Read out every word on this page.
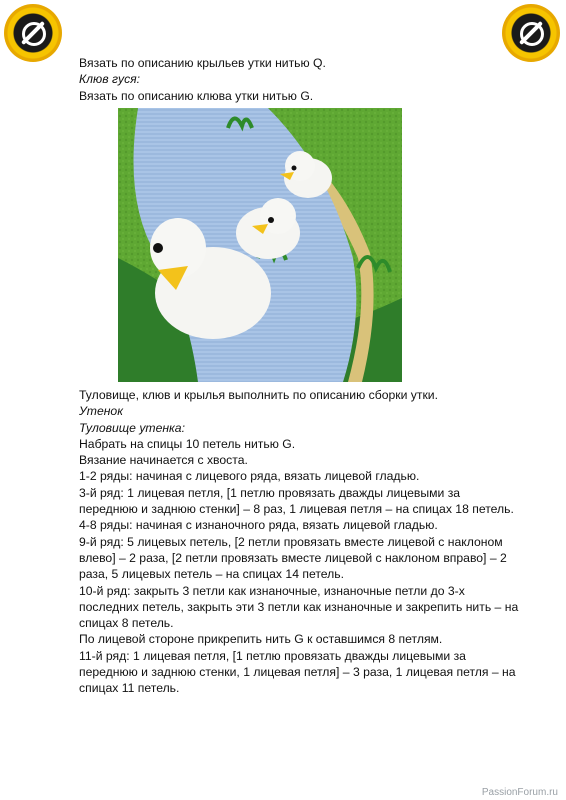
Вязать по описанию крыльев утки нитью Q.
Клюв гуся:
Вязать по описанию клюва утки нитью G.
Туловище, клюв и крылья выполнить по описанию сборки утки.
Утенок
Туловище утенка:
Набрать на спицы 10 петель нитью G.
Вязание начинается с хвоста.
1-2 ряды: начиная с лицевого ряда, вязать лицевой гладью.
3-й ряд: 1 лицевая петля, [1 петлю провязать дважды лицевыми за
переднюю и заднюю стенки] – 8 раз, 1 лицевая петля – на спицах 18 петель.
4-8 ряды: начиная с изнаночного ряда, вязать лицевой гладью.
9-й ряд: 5 лицевых петель, [2 петли провязать вместе лицевой с наклоном
влево] – 2 раза, [2 петли провязать вместе лицевой с наклоном вправо] – 2
раза, 5 лицевых петель – на спицах 14 петель.
10-й ряд: закрыть 3 петли как изнаночные, изнаночные петли до 3-х
последних петель, закрыть эти 3 петли как изнаночные и закрепить нить – на
спицах 8 петель.
По лицевой стороне прикрепить нить G к оставшимся 8 петлям.
11-й ряд: 1 лицевая петля, [1 петлю провязать дважды лицевыми за
переднюю и заднюю стенки, 1 лицевая петля] – 3 раза, 1 лицевая петля – на
спицах 11 петель.
PassionForum.ru
